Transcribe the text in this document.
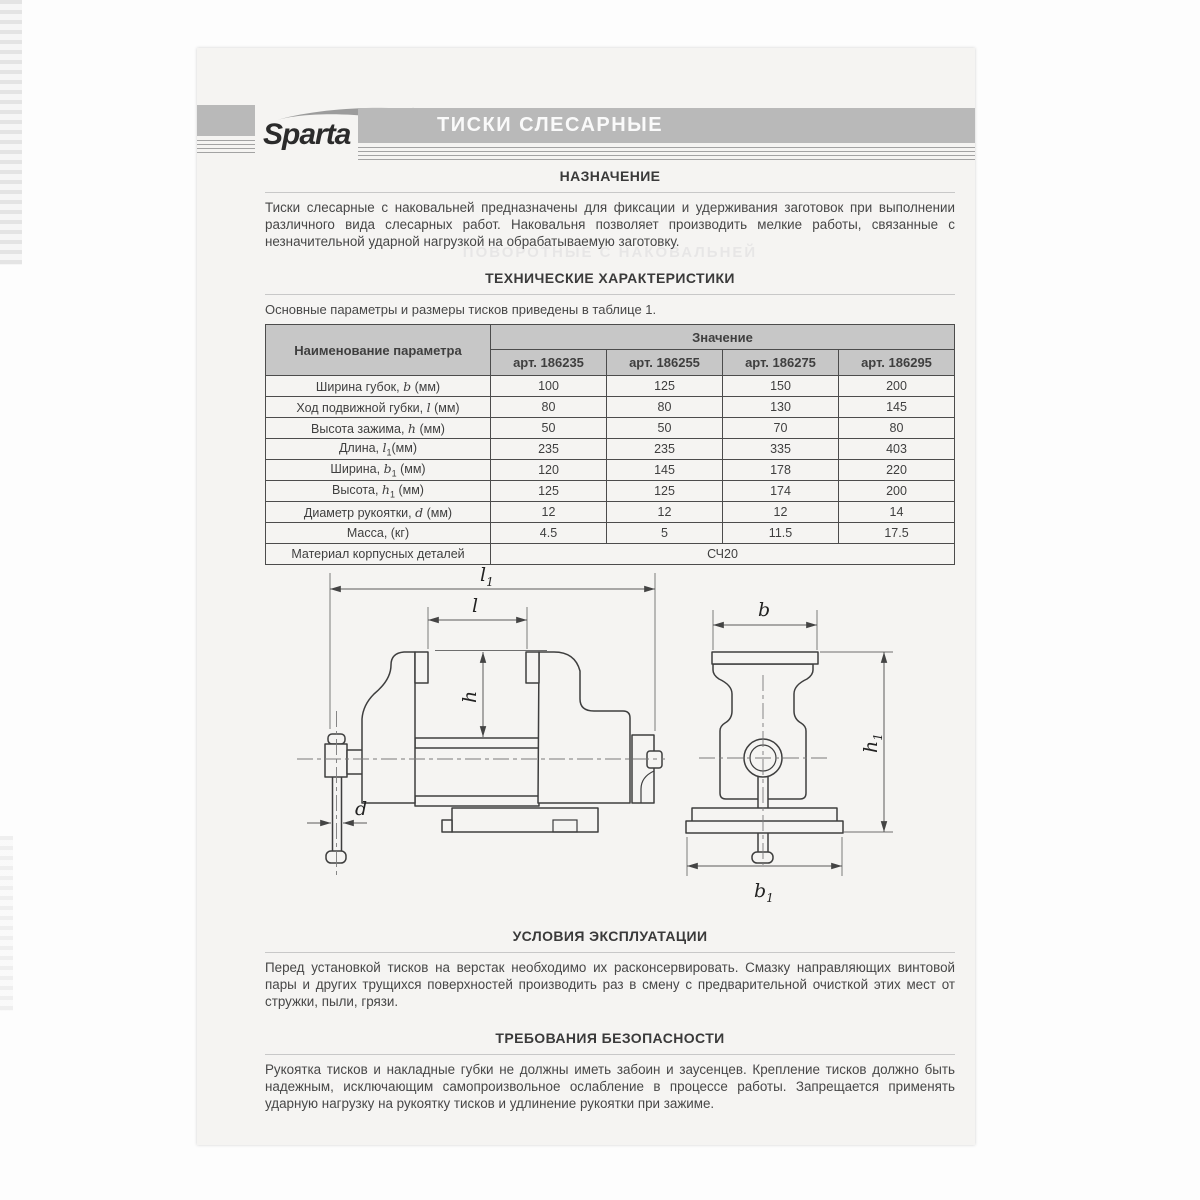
Sparta	ТИСКИ СЛЕСАРНЫЕ
НАЗНАЧЕНИЕ

Тиски слесарные с наковальней предназначены для фиксации и удерживания заготовок при выполнении различного вида слесарных работ. Наковальня позволяет производить мелкие работы, связанные с незначительной ударной нагрузкой на обрабатываемую заготовку.

ПОВОРОТНЫЕ С НАКОВАЛЬНЕЙ
ТЕХНИЧЕСКИЕ ХАРАКТЕРИСТИКИ

Основные параметры и размеры тисков приведены в таблице 1.

Наименование параметра	Значение			
	арт. 186235	арт. 186255	арт. 186275	арт. 186295
Ширина губок, b (мм)	100	125	150	200
Ход подвижной губки, l (мм)	80	80	130	145
Высота зажима, h (мм)	50	50	70	80
Длина, $l_1(мм)$	235	235	335	403
Ширина, $b_1$ (мм)	120	145	178	220
Высота, $h_1$ (мм)	125	125	174	200
Диаметр рукоятки, d (мм)	12	12	12	14
Масса, (кг)	4.5	5	11.5	17.5
Материал корпусных деталей	СЧ20			
$l_1$
l
h
d
b
$h_1$
$b_1$
УСЛОВИЯ ЭКСПЛУАТАЦИИ

Перед установкой тисков на верстак необходимо их расконсервировать. Смазку направляющих винтовой пары и других трущихся поверхностей производить раз в смену с предварительной очисткой этих мест от стружки, пыли, грязи.

ТРЕБОВАНИЯ БЕЗОПАСНОСТИ

Рукоятка тисков и накладные губки не должны иметь забоин и заусенцев. Крепление тисков должно быть надежным, исключающим самопроизвольное ослабление в процессе работы. Запрещается применять ударную нагрузку на рукоятку тисков и удлинение рукоятки при зажиме.
